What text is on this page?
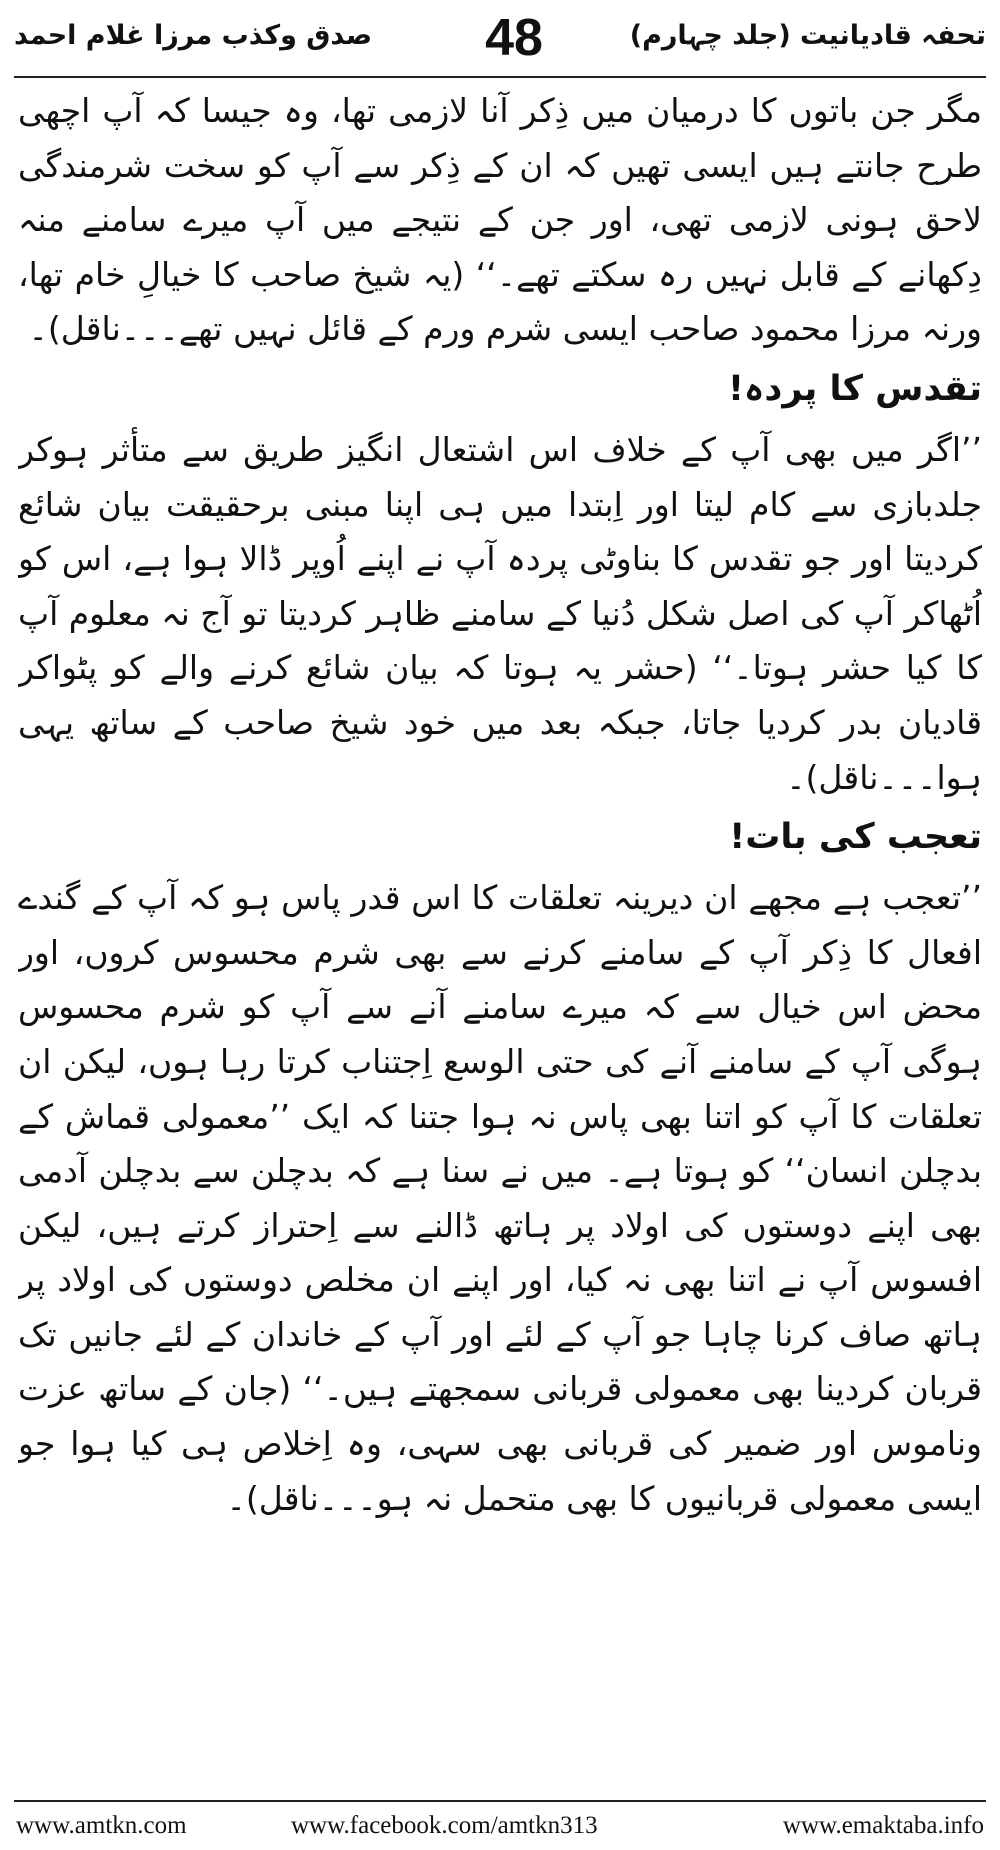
تحفہ قادیانیت (جلد چہارم)
48
صدق وکذب مرزا غلام احمد

مگر جن باتوں کا درمیان میں ذِکر آنا لازمی تھا، وہ جیسا کہ آپ اچھی طرح جانتے ہیں ایسی تھیں کہ ان کے ذِکر سے آپ کو سخت شرمندگی لاحق ہونی لازمی تھی، اور جن کے نتیجے میں آپ میرے سامنے منہ دِکھانے کے قابل نہیں رہ سکتے تھے۔‘‘ (یہ شیخ صاحب کا خیالِ خام تھا، ورنہ مرزا محمود صاحب ایسی شرم ورم کے قائل نہیں تھے۔۔۔ناقل)۔

تقدس کا پردہ!

’’اگر میں بھی آپ کے خلاف اس اشتعال انگیز طریق سے متأثر ہوکر جلدبازی سے کام لیتا اور اِبتدا میں ہی اپنا مبنی برحقیقت بیان شائع کردیتا اور جو تقدس کا بناوٹی پردہ آپ نے اپنے اُوپر ڈالا ہوا ہے، اس کو اُٹھاکر آپ کی اصل شکل دُنیا کے سامنے ظاہر کردیتا تو آج نہ معلوم آپ کا کیا حشر ہوتا۔‘‘ (حشر یہ ہوتا کہ بیان شائع کرنے والے کو پٹواکر قادیان بدر کردیا جاتا، جبکہ بعد میں خود شیخ صاحب کے ساتھ یہی ہوا۔۔۔ناقل)۔

تعجب کی بات!

’’تعجب ہے مجھے ان دیرینہ تعلقات کا اس قدر پاس ہو کہ آپ کے گندے افعال کا ذِکر آپ کے سامنے کرنے سے بھی شرم محسوس کروں، اور محض اس خیال سے کہ میرے سامنے آنے سے آپ کو شرم محسوس ہوگی آپ کے سامنے آنے کی حتی الوسع اِجتناب کرتا رہا ہوں، لیکن ان تعلقات کا آپ کو اتنا بھی پاس نہ ہوا جتنا کہ ایک ’’معمولی قماش کے بدچلن انسان‘‘ کو ہوتا ہے۔ میں نے سنا ہے کہ بدچلن سے بدچلن آدمی بھی اپنے دوستوں کی اولاد پر ہاتھ ڈالنے سے اِحتراز کرتے ہیں، لیکن افسوس آپ نے اتنا بھی نہ کیا، اور اپنے ان مخلص دوستوں کی اولاد پر ہاتھ صاف کرنا چاہا جو آپ کے لئے اور آپ کے خاندان کے لئے جانیں تک قربان کردینا بھی معمولی قربانی سمجھتے ہیں۔‘‘ (جان کے ساتھ عزت وناموس اور ضمیر کی قربانی بھی سہی، وہ اِخلاص ہی کیا ہوا جو ایسی معمولی قربانیوں کا بھی متحمل نہ ہو۔۔۔ناقل)۔

www.amtkn.com	www.facebook.com/amtkn313	www.emaktaba.info
